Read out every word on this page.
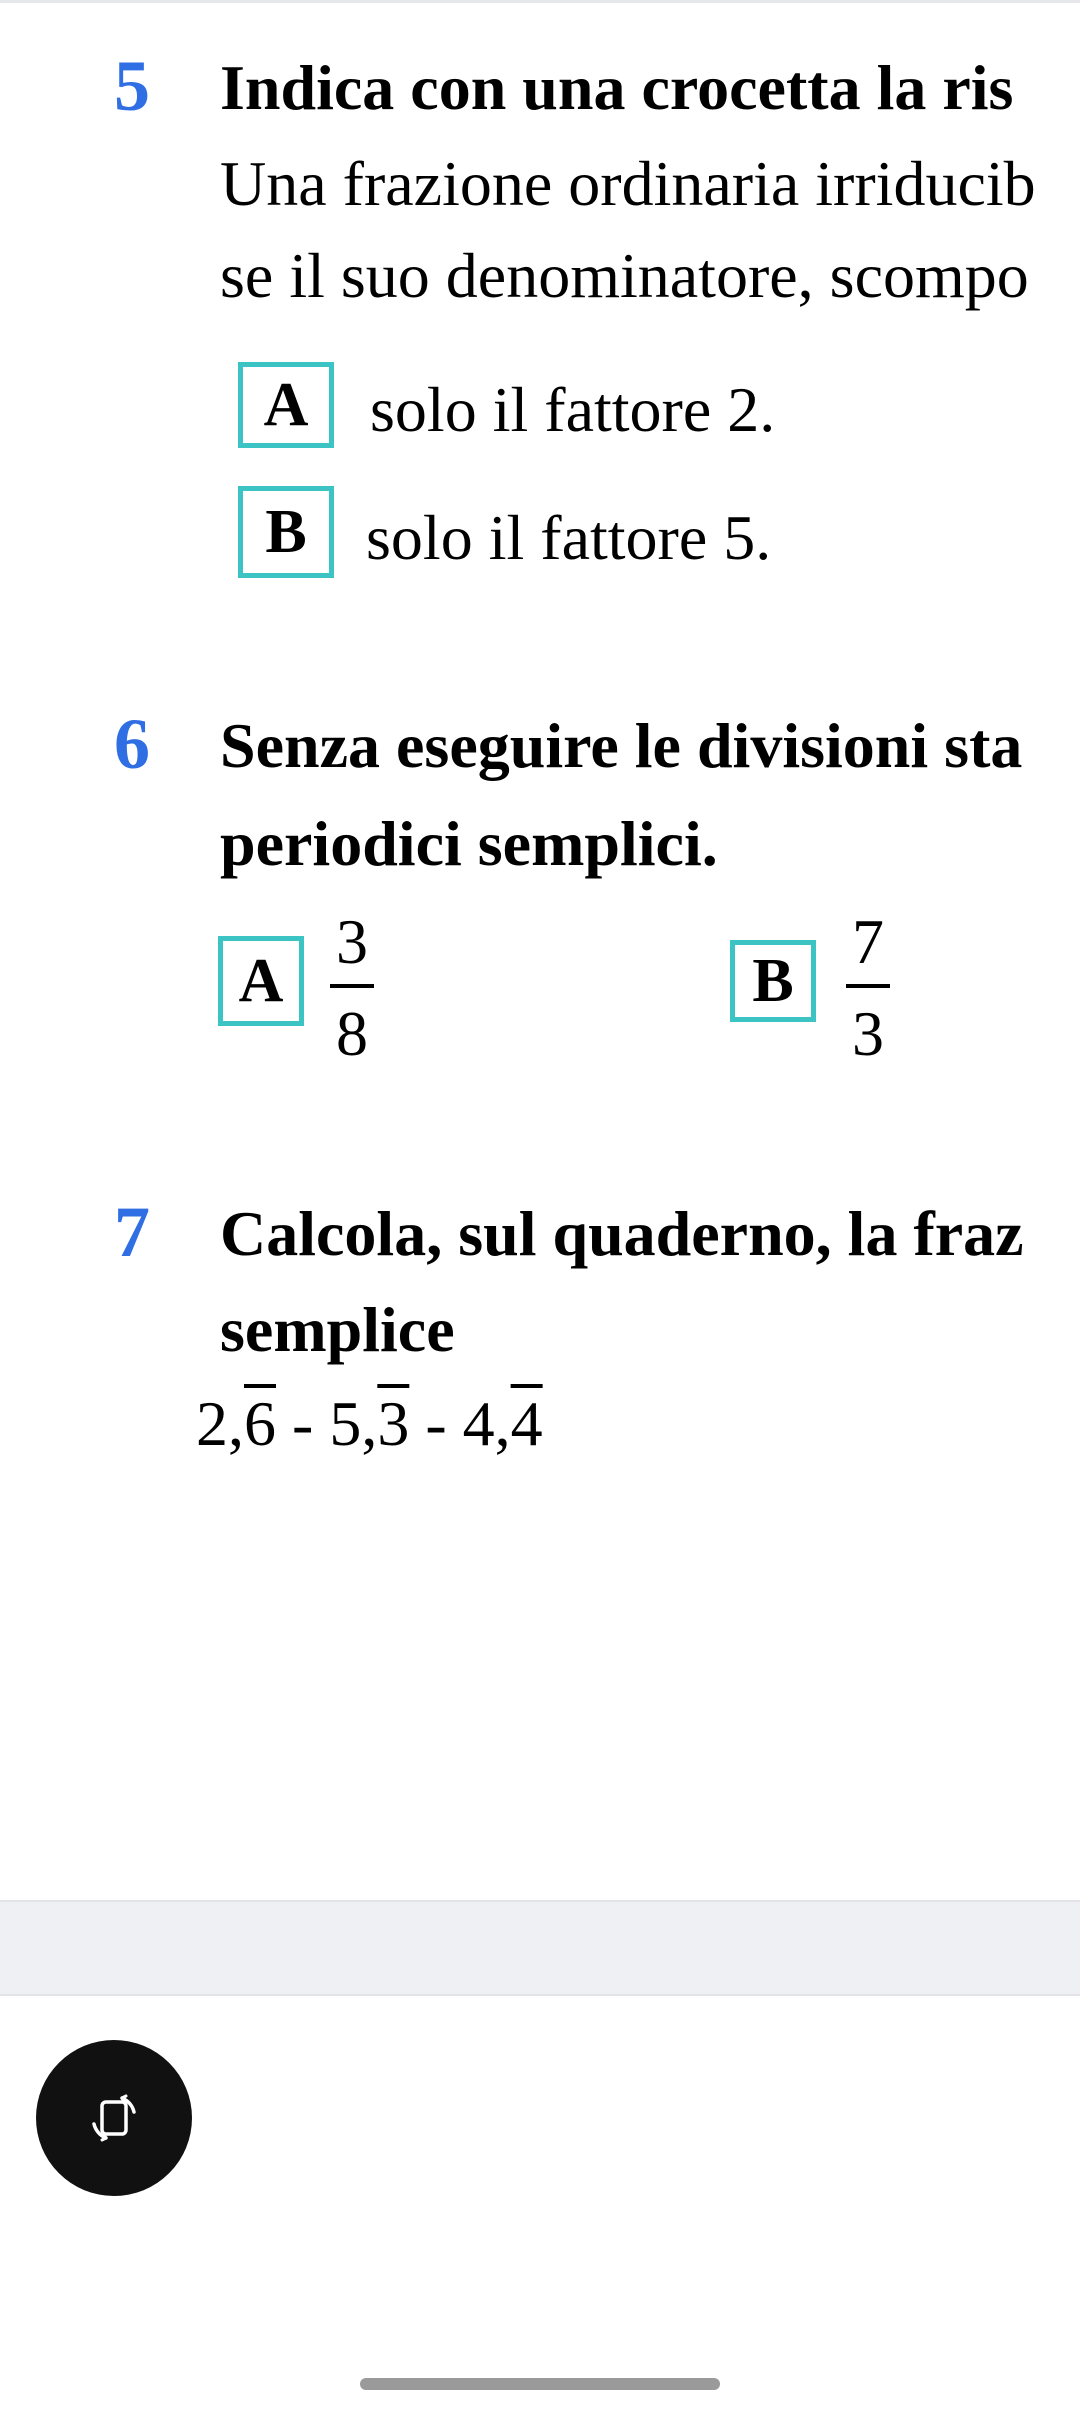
5 Indica con una crocetta la ris
Una frazione ordinaria irriducib
se il suo denominatore, scompo
A solo il fattore 2.
B solo il fattore 5.
6 Senza eseguire le divisioni sta
periodici semplici.
A
3
8
B
7
3
7 Calcola, sul quaderno, la fraz
semplice
2,6 - 5,3 - 4,4
